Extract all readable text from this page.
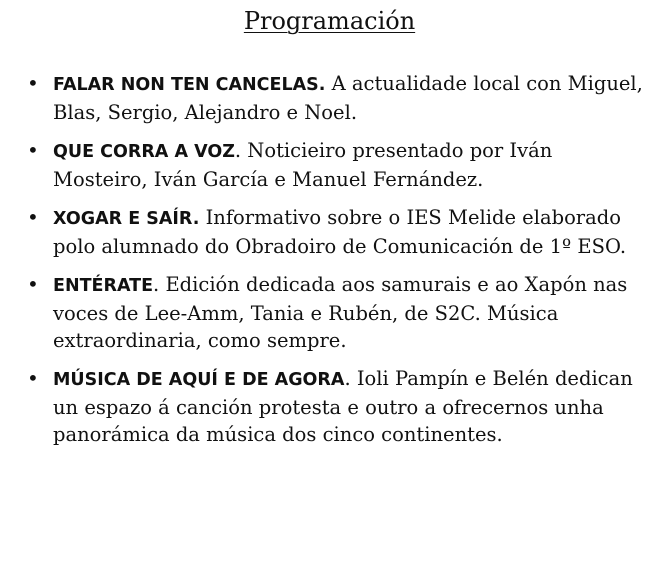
Programación
• FALAR NON TEN CANCELAS. A actualidade local con Miguel, Blas, Sergio, Alejandro e Noel.
• QUE CORRA A VOZ. Noticieiro presentado por Iván Mosteiro, Iván García e Manuel Fernández.
• XOGAR E SAÍR. Informativo sobre o IES Melide elaborado polo alumnado do Obradoiro de Comunicación de 1º ESO.
• ENTÉRATE. Edición dedicada aos samurais e ao Xapón nas voces de Lee-Amm, Tania e Rubén, de S2C. Música extraordinaria, como sempre.
• MÚSICA DE AQUÍ E DE AGORA. Ioli Pampín e Belén dedican un espazo á canción protesta e outro a ofrecernos unha panorámica da música dos cinco continentes.
